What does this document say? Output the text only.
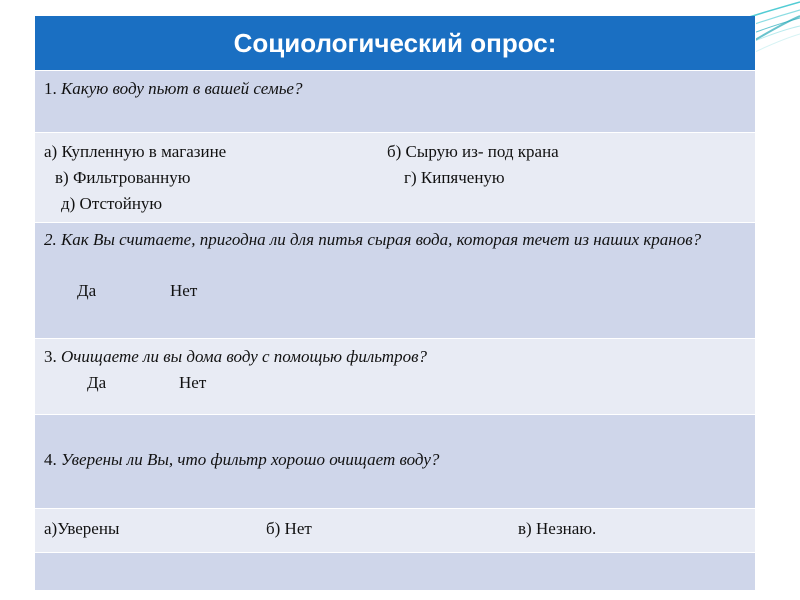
Социологический опрос:
1. Какую воду пьют в вашей семье?
а) Купленную в магазине	б) Сырую из- под крана
в) Фильтрованную	г) Кипяченую
д) Отстойную
2. Как Вы считаете, пригодна ли для питья сырая вода, которая течет из наших кранов?
Да	Нет
3. Очищаете ли вы дома воду с помощью фильтров?
Да	Нет
4. Уверены ли Вы, что фильтр хорошо очищает воду?
а)Уверены	б) Нет	в) Незнаю.
